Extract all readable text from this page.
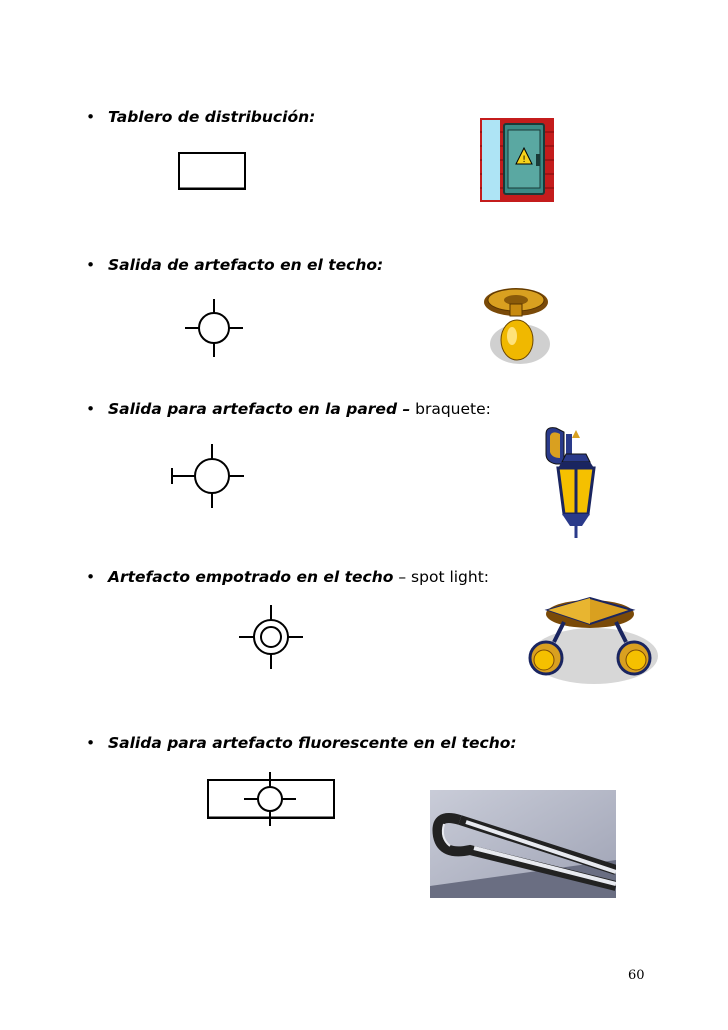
• Tablero de distribución:
!
• Salida de artefacto en el techo:
• Salida para artefacto en la pared – braquete:
• Artefacto empotrado en el techo – spot light:
• Salida para artefacto fluorescente en el techo:
60
